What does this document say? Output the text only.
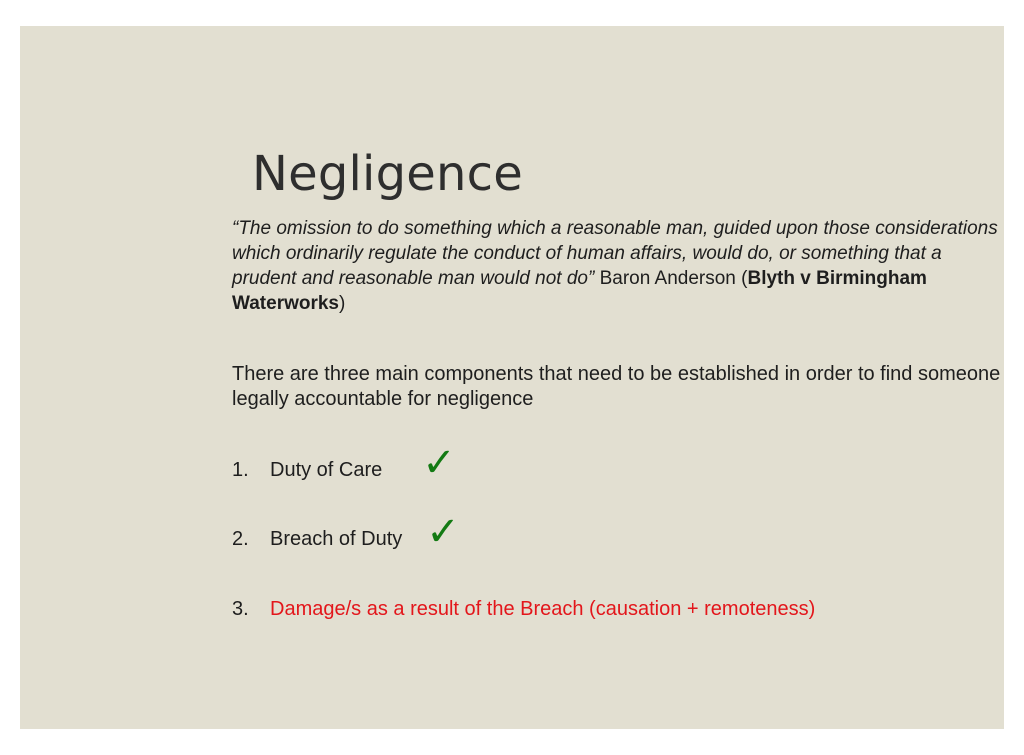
Negligence

“The omission to do something which a reasonable man, guided upon those considerations which ordinarily regulate the conduct of human affairs, would do, or something that a prudent and reasonable man would not do” Baron Anderson (Blyth v Birmingham Waterworks)

There are three main components that need to be established in order to find someone legally accountable for negligence

1.	Duty of Care ✓
2.	Breach of Duty ✓
3.	Damage/s as a result of the Breach (causation + remoteness)
